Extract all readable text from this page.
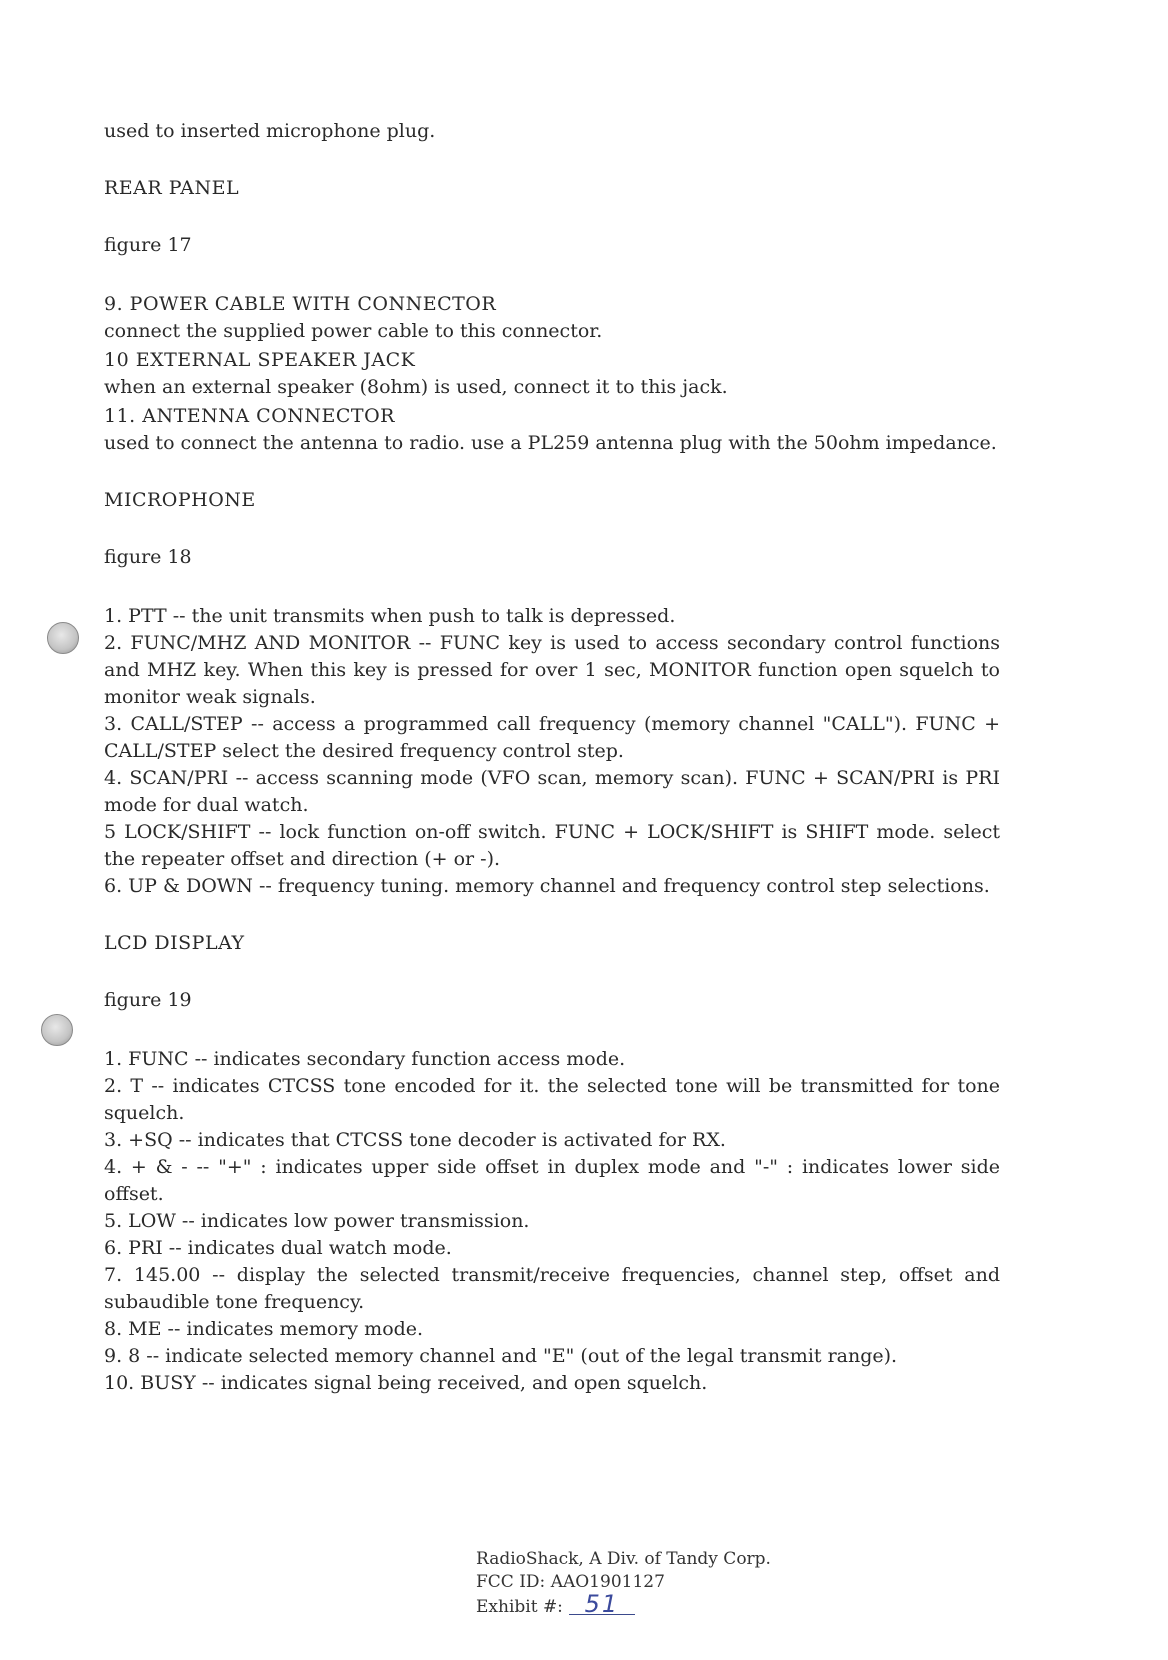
used to inserted microphone plug.
REAR PANEL
figure 17
9. POWER CABLE WITH CONNECTOR
connect the supplied power cable to this connector.
10 EXTERNAL SPEAKER JACK
when an external speaker (8ohm) is used, connect it to this jack.
11. ANTENNA CONNECTOR
used to connect the antenna to radio. use a PL259 antenna plug with the 50ohm impedance.
MICROPHONE
figure 18
1. PTT -- the unit transmits when push to talk is depressed.
2. FUNC/MHZ AND MONITOR -- FUNC key is used to access secondary control functions and MHZ key. When this key is pressed for over 1 sec, MONITOR function open squelch to monitor weak signals.
3. CALL/STEP -- access a programmed call frequency (memory channel "CALL"). FUNC + CALL/STEP select the desired frequency control step.
4. SCAN/PRI -- access scanning mode (VFO scan, memory scan). FUNC + SCAN/PRI is PRI mode for dual watch.
5 LOCK/SHIFT -- lock function on-off switch. FUNC + LOCK/SHIFT is SHIFT mode. select the repeater offset and direction (+ or -).
6. UP & DOWN -- frequency tuning. memory channel and frequency control step selections.
LCD DISPLAY
figure 19
1. FUNC -- indicates secondary function access mode.
2. T -- indicates CTCSS tone encoded for it. the selected tone will be transmitted for tone squelch.
3. +SQ -- indicates that CTCSS tone decoder is activated for RX.
4. + & - -- "+" : indicates upper side offset in duplex mode and "-" : indicates lower side offset.
5. LOW -- indicates low power transmission.
6. PRI -- indicates dual watch mode.
7. 145.00 -- display the selected transmit/receive frequencies, channel step, offset and subaudible tone frequency.
8. ME -- indicates memory mode.
9. 8 -- indicate selected memory channel and "E" (out of the legal transmit range).
10. BUSY -- indicates signal being received, and open squelch.
RadioShack, A Div. of Tandy Corp.
FCC ID: AAO1901127
Exhibit #: 51
